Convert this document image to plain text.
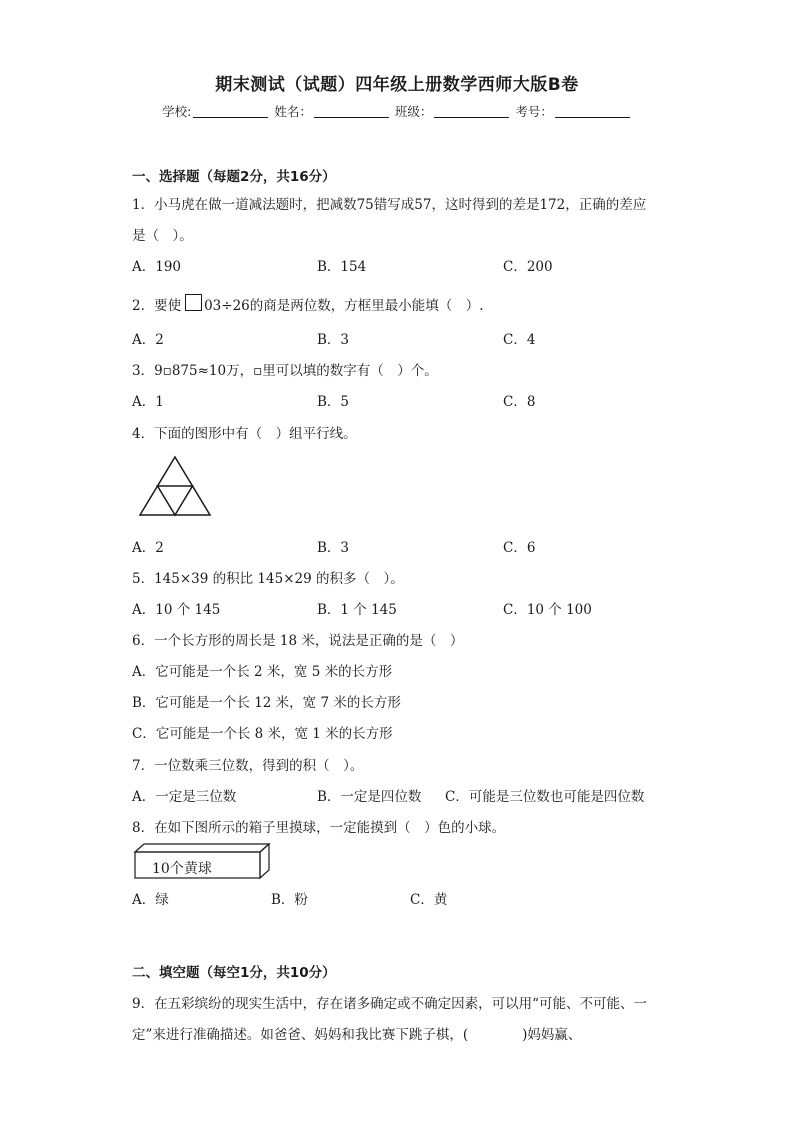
期末测试（试题）四年级上册数学西师大版B卷
学校:	姓名：	班级：	考号：
一、选择题（每题2分，共16分）
1．小马虎在做一道减法题时，把减数75错写成57，这时得到的差是172，正确的差应
是（　）。
A．190	B．154	C．200
2．要使 03÷26的商是两位数，方框里最小能填（　）.
A．2	B．3	C．4
3．9▫875≈10万，▫里可以填的数字有（　）个。
A．1	B．5	C．8
4．下面的图形中有（　）组平行线。
A．2	B．3	C．6
5．145×39 的积比 145×29 的积多（　）。
A．10 个 145	B．1 个 145	C．10 个 100
6．一个长方形的周长是 18 米，说法是正确的是（　）
A．它可能是一个长 2 米，宽 5 米的长方形
B．它可能是一个长 12 米，宽 7 米的长方形
C．它可能是一个长 8 米，宽 1 米的长方形
7．一位数乘三位数，得到的积（　）。
A．一定是三位数	B．一定是四位数 C．可能是三位数也可能是四位数
8．在如下图所示的箱子里摸球，一定能摸到（　）色的小球。
10个黄球
A．绿	B．粉	C．黄
二、填空题（每空1分，共10分）
9．在五彩缤纷的现实生活中，存在诸多确定或不确定因素，可以用“可能、不可能、一
定”来进行准确描述。如爸爸、妈妈和我比赛下跳子棋，(　　　　)妈妈赢、
